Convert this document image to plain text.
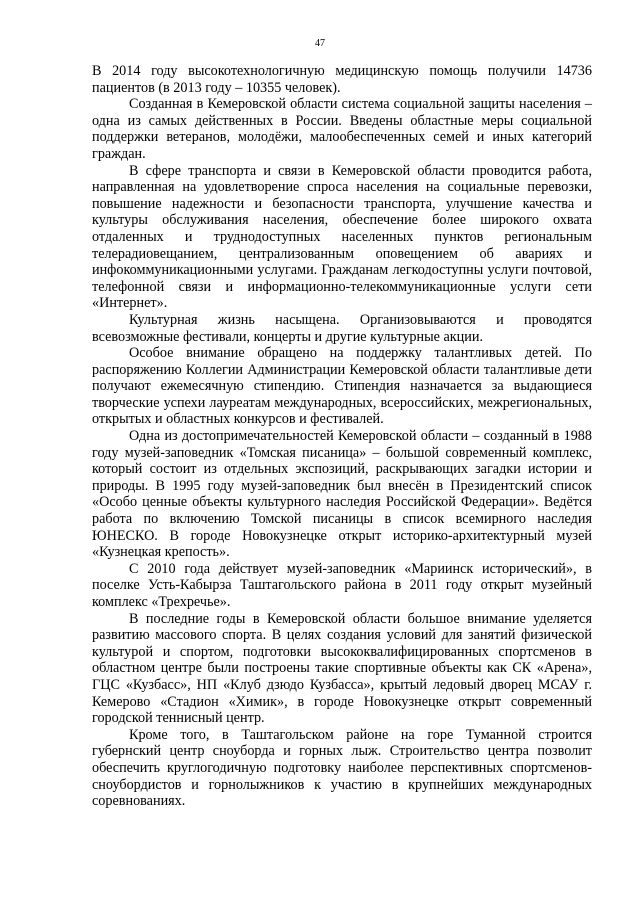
47

В 2014 году высокотехнологичную медицинскую помощь получили 14736 пациентов (в 2013 году – 10355 человек).

Созданная в Кемеровской области система социальной защиты населения – одна из самых действенных в России. Введены областные меры социальной поддержки ветеранов, молодёжи, малообеспеченных семей и иных категорий граждан.

В сфере транспорта и связи в Кемеровской области проводится работа, направленная на удовлетворение спроса населения на социальные перевозки, повышение надежности и безопасности транспорта, улучшение качества и культуры обслуживания населения, обеспечение более широкого охвата отдаленных и труднодоступных населенных пунктов региональным телерадиовещанием, централизованным оповещением об авариях и инфокоммуникационными услугами. Гражданам легкодоступны услуги почтовой, телефонной связи и информационно-телекоммуникационные услуги сети «Интернет».

Культурная жизнь насыщена. Организовываются и проводятся всевозможные фестивали, концерты и другие культурные акции.

Особое внимание обращено на поддержку талантливых детей. По распоряжению Коллегии Администрации Кемеровской области талантливые дети получают ежемесячную стипендию. Стипендия назначается за выдающиеся творческие успехи лауреатам международных, всероссийских, межрегиональных, открытых и областных конкурсов и фестивалей.

Одна из достопримечательностей Кемеровской области – созданный в 1988 году музей-заповедник «Томская писаница» – большой современный комплекс, который состоит из отдельных экспозиций, раскрывающих загадки истории и природы. В 1995 году музей-заповедник был внесён в Президентский список «Особо ценные объекты культурного наследия Российской Федерации». Ведётся работа по включению Томской писаницы в список всемирного наследия ЮНЕСКО. В городе Новокузнецке открыт историко-архитектурный музей «Кузнецкая крепость».

С 2010 года действует музей-заповедник «Мариинск исторический», в поселке Усть-Кабырза Таштагольского района в 2011 году открыт музейный комплекс «Трехречье».

В последние годы в Кемеровской области большое внимание уделяется развитию массового спорта. В целях создания условий для занятий физической культурой и спортом, подготовки высококвалифицированных спортсменов в областном центре были построены такие спортивные объекты как СК «Арена», ГЦС «Кузбасс», НП «Клуб дзюдо Кузбасса», крытый ледовый дворец МСАУ г. Кемерово «Стадион «Химик», в городе Новокузнецке открыт современный городской теннисный центр.

Кроме того, в Таштагольском районе на горе Туманной строится губернский центр сноуборда и горных лыж. Строительство центра позволит обеспечить круглогодичную подготовку наиболее перспективных спортсменов-сноубордистов и горнолыжников к участию в крупнейших международных соревнованиях.
